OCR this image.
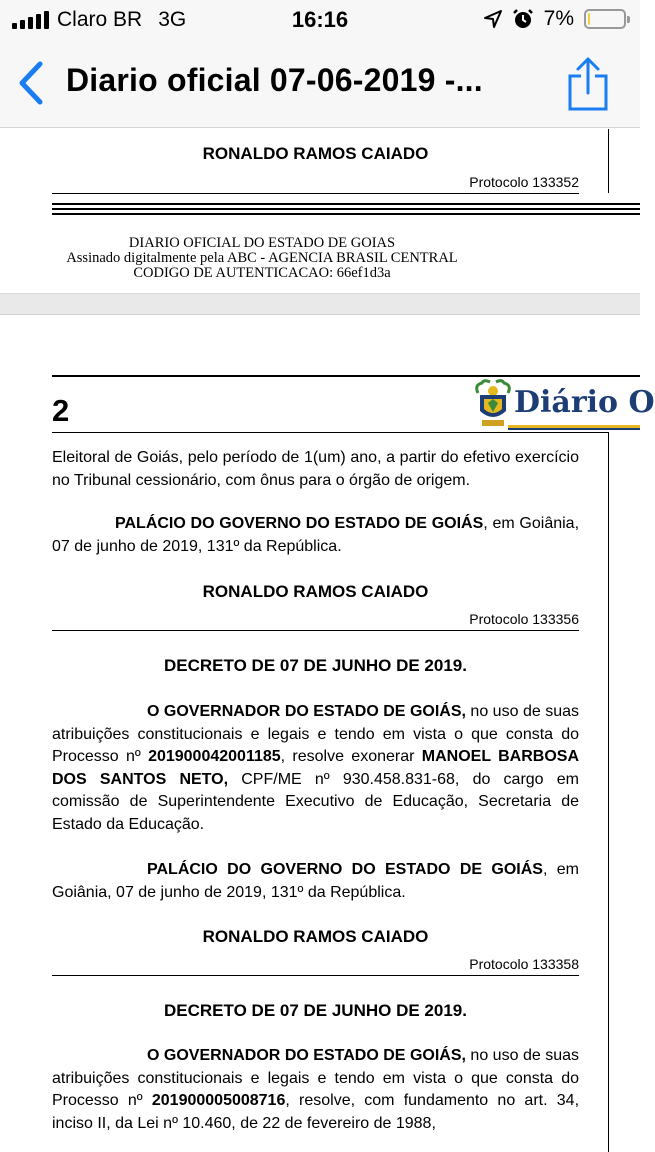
Claro BR 3G	16:16	7%
Diario oficial 07-06-2019 -...
RONALDO RAMOS CAIADO
Protocolo 133352
DIARIO OFICIAL DO ESTADO DE GOIAS
Assinado digitalmente pela ABC - AGENCIA BRASIL CENTRAL
CODIGO DE AUTENTICACAO: 66ef1d3a
2	Diário O
Eleitoral de Goiás, pelo período de 1(um) ano, a partir do efetivo exercício no Tribunal cessionário, com ônus para o órgão de origem.
PALÁCIO DO GOVERNO DO ESTADO DE GOIÁS, em Goiânia, 07 de junho de 2019, 131º da República.
RONALDO RAMOS CAIADO
Protocolo 133356
DECRETO DE 07 DE JUNHO DE 2019.
O GOVERNADOR DO ESTADO DE GOIÁS, no uso de suas atribuições constitucionais e legais e tendo em vista o que consta do Processo nº 201900042001185, resolve exonerar MANOEL BARBOSA DOS SANTOS NETO, CPF/ME nº 930.458.831-68, do cargo em comissão de Superintendente Executivo de Educação, Secretaria de Estado da Educação.
PALÁCIO DO GOVERNO DO ESTADO DE GOIÁS, em Goiânia, 07 de junho de 2019, 131º da República.
RONALDO RAMOS CAIADO
Protocolo 133358
DECRETO DE 07 DE JUNHO DE 2019.
O GOVERNADOR DO ESTADO DE GOIÁS, no uso de suas atribuições constitucionais e legais e tendo em vista o que consta do Processo nº 201900005008716, resolve, com fundamento no art. 34, inciso II, da Lei nº 10.460, de 22 de fevereiro de 1988,
